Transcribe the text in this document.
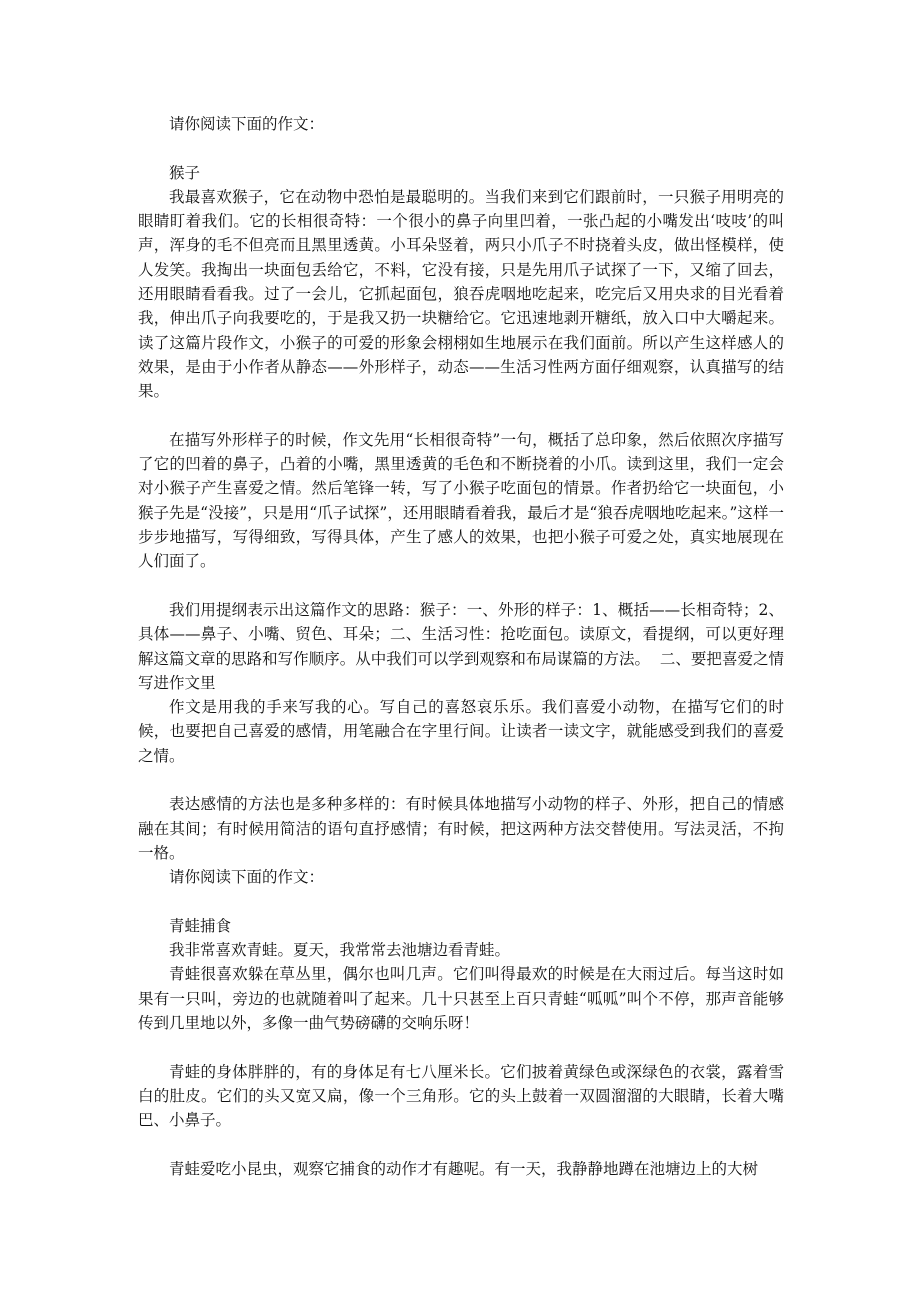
请你阅读下面的作文：

猴子

我最喜欢猴子，它在动物中恐怕是最聪明的。当我们来到它们跟前时，一只猴子用明亮的眼睛盯着我们。它的长相很奇特：一个很小的鼻子向里凹着，一张凸起的小嘴发出‘吱吱’的叫声，浑身的毛不但亮而且黑里透黄。小耳朵竖着，两只小爪子不时挠着头皮，做出怪模样，使人发笑。我掏出一块面包丢给它，不料，它没有接，只是先用爪子试探了一下，又缩了回去，还用眼睛看看我。过了一会儿，它抓起面包，狼吞虎咽地吃起来，吃完后又用央求的目光看着我，伸出爪子向我要吃的，于是我又扔一块糖给它。它迅速地剥开糖纸，放入口中大嚼起来。读了这篇片段作文，小猴子的可爱的形象会栩栩如生地展示在我们面前。所以产生这样感人的效果，是由于小作者从静态——外形样子，动态——生活习性两方面仔细观察，认真描写的结果。

在描写外形样子的时候，作文先用“长相很奇特”一句，概括了总印象，然后依照次序描写了它的凹着的鼻子，凸着的小嘴，黑里透黄的毛色和不断挠着的小爪。读到这里，我们一定会对小猴子产生喜爱之情。然后笔锋一转，写了小猴子吃面包的情景。作者扔给它一块面包，小猴子先是“没接”，只是用“爪子试探”，还用眼睛看着我，最后才是“狼吞虎咽地吃起来。”这样一步步地描写，写得细致，写得具体，产生了感人的效果，也把小猴子可爱之处，真实地展现在人们面了。

我们用提纲表示出这篇作文的思路：猴子：一、外形的样子：1、概括——长相奇特；2、具体——鼻子、小嘴、贸色、耳朵；二、生活习性：抢吃面包。读原文，看提纲，可以更好理解这篇文章的思路和写作顺序。从中我们可以学到观察和布局谋篇的方法。  二、要把喜爱之情写进作文里

作文是用我的手来写我的心。写自己的喜怒哀乐乐。我们喜爱小动物，在描写它们的时候，也要把自己喜爱的感情，用笔融合在字里行间。让读者一读文字，就能感受到我们的喜爱之情。

表达感情的方法也是多种多样的：有时候具体地描写小动物的样子、外形，把自己的情感融在其间；有时候用简洁的语句直抒感情；有时候，把这两种方法交替使用。写法灵活，不拘一格。

请你阅读下面的作文：

青蛙捕食

我非常喜欢青蛙。夏天，我常常去池塘边看青蛙。

青蛙很喜欢躲在草丛里，偶尔也叫几声。它们叫得最欢的时候是在大雨过后。每当这时如果有一只叫，旁边的也就随着叫了起来。几十只甚至上百只青蛙“呱呱”叫个不停，那声音能够传到几里地以外，多像一曲气势磅礴的交响乐呀！

青蛙的身体胖胖的，有的身体足有七八厘米长。它们披着黄绿色或深绿色的衣裳，露着雪白的肚皮。它们的头又宽又扁，像一个三角形。它的头上鼓着一双圆溜溜的大眼睛，长着大嘴巴、小鼻子。

青蛙爱吃小昆虫，观察它捕食的动作才有趣呢。有一天，我静静地蹲在池塘边上的大树
